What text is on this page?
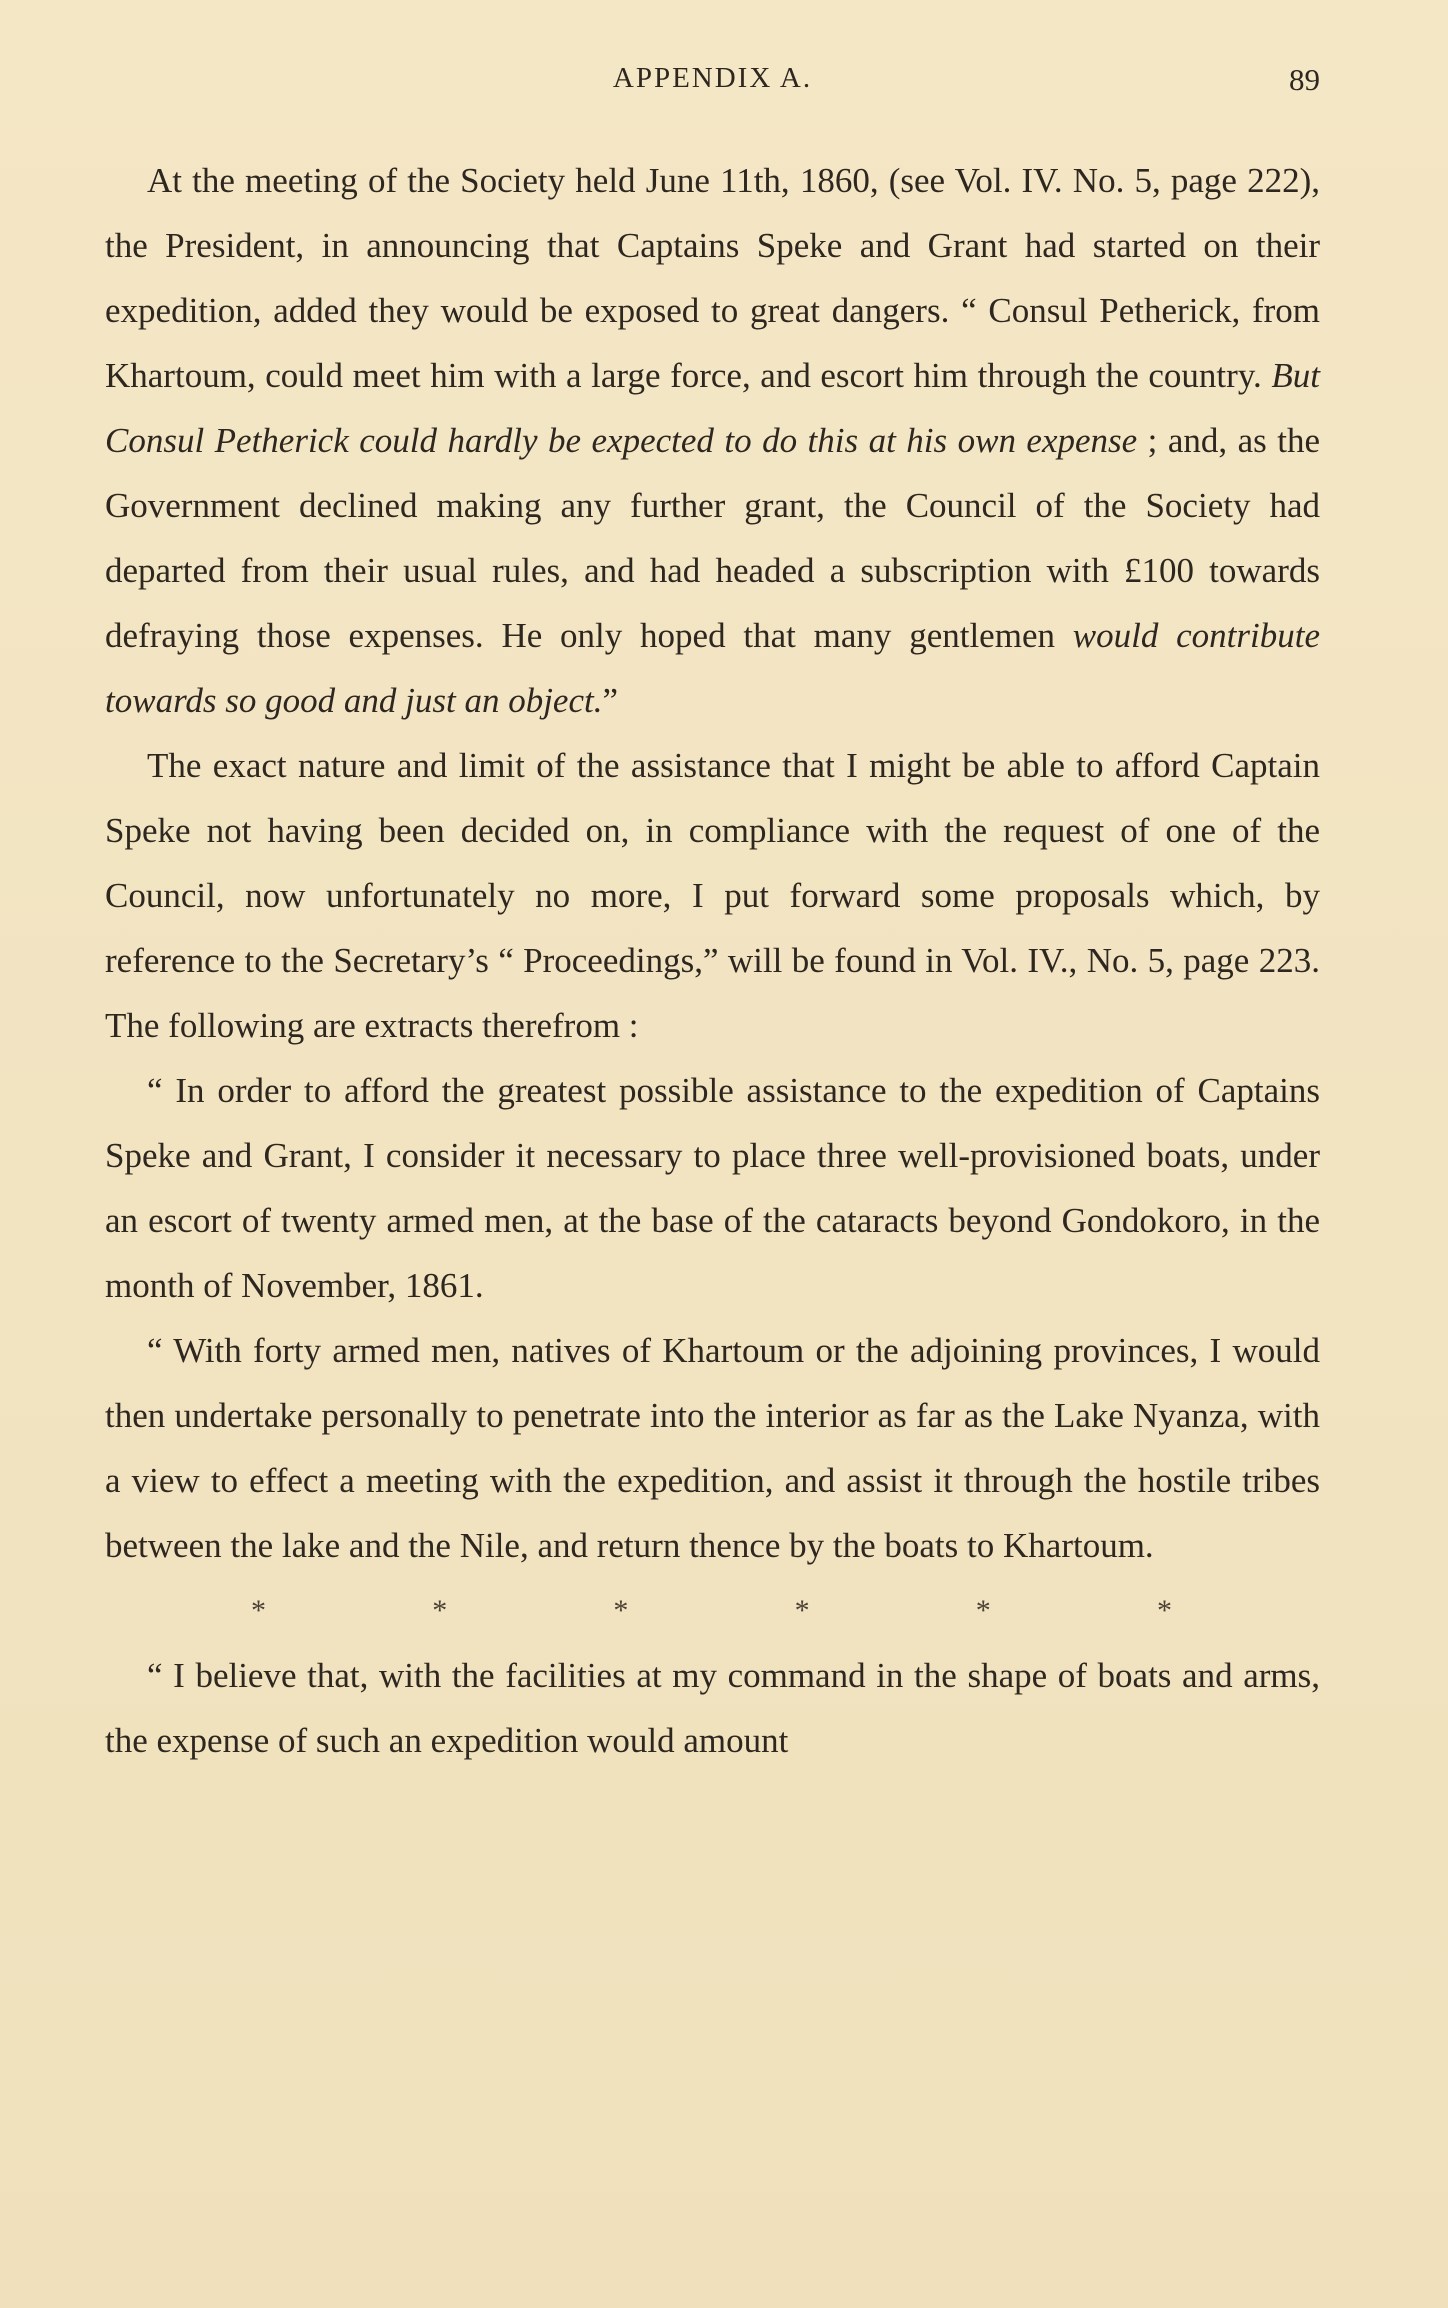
APPENDIX A.	89

At the meeting of the Society held June 11th, 1860, (see Vol. IV. No. 5, page 222), the President, in announcing that Captains Speke and Grant had started on their expedition, added they would be exposed to great dangers. “ Consul Petherick, from Khartoum, could meet him with a large force, and escort him through the country. But Consul Petherick could hardly be expected to do this at his own expense ; and, as the Government declined making any further grant, the Council of the Society had departed from their usual rules, and had headed a subscription with £100 towards defraying those expenses. He only hoped that many gentlemen would contribute towards so good and just an object.”

The exact nature and limit of the assistance that I might be able to afford Captain Speke not having been decided on, in compliance with the request of one of the Council, now unfortunately no more, I put forward some proposals which, by reference to the Secretary’s “ Proceedings,” will be found in Vol. IV., No. 5, page 223. The following are extracts therefrom :

“ In order to afford the greatest possible assistance to the expedition of Captains Speke and Grant, I consider it necessary to place three well-provisioned boats, under an escort of twenty armed men, at the base of the cataracts beyond Gondokoro, in the month of November, 1861.

“ With forty armed men, natives of Khartoum or the adjoining provinces, I would then undertake personally to penetrate into the interior as far as the Lake Nyanza, with a view to effect a meeting with the expedition, and assist it through the hostile tribes between the lake and the Nile, and return thence by the boats to Khartoum.

*	*	*	*	*	*

“ I believe that, with the facilities at my command in the shape of boats and arms, the expense of such an expedition would amount
